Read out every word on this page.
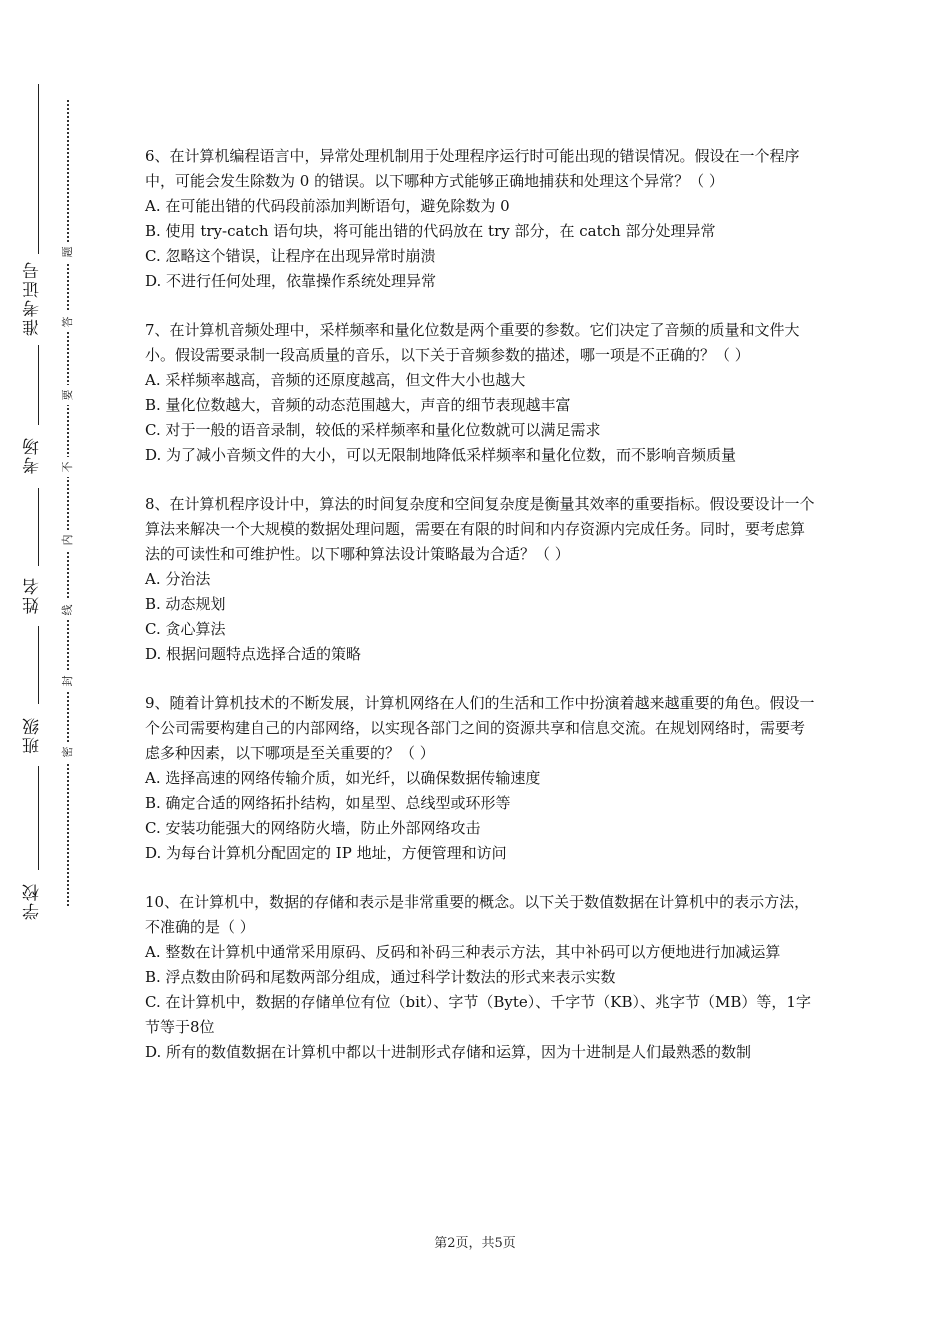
准考证号
考场
姓名
班级
学校
题
答
要
不
内
线
封
密

6、在计算机编程语言中，异常处理机制用于处理程序运行时可能出现的错误情况。假设在一个程序中，可能会发生除数为 0 的错误。以下哪种方式能够正确地捕获和处理这个异常？（ ）

A. 在可能出错的代码段前添加判断语句，避免除数为 0

B. 使用 try-catch 语句块，将可能出错的代码放在 try 部分，在 catch 部分处理异常

C. 忽略这个错误，让程序在出现异常时崩溃

D. 不进行任何处理，依靠操作系统处理异常

7、在计算机音频处理中，采样频率和量化位数是两个重要的参数。它们决定了音频的质量和文件大小。假设需要录制一段高质量的音乐，以下关于音频参数的描述，哪一项是不正确的？（ ）

A. 采样频率越高，音频的还原度越高，但文件大小也越大

B. 量化位数越大，音频的动态范围越大，声音的细节表现越丰富

C. 对于一般的语音录制，较低的采样频率和量化位数就可以满足需求

D. 为了减小音频文件的大小，可以无限制地降低采样频率和量化位数，而不影响音频质量

8、在计算机程序设计中，算法的时间复杂度和空间复杂度是衡量其效率的重要指标。假设要设计一个算法来解决一个大规模的数据处理问题，需要在有限的时间和内存资源内完成任务。同时，要考虑算法的可读性和可维护性。以下哪种算法设计策略最为合适？（ ）

A. 分治法

B. 动态规划

C. 贪心算法

D. 根据问题特点选择合适的策略

9、随着计算机技术的不断发展，计算机网络在人们的生活和工作中扮演着越来越重要的角色。假设一个公司需要构建自己的内部网络，以实现各部门之间的资源共享和信息交流。在规划网络时，需要考虑多种因素，以下哪项是至关重要的？（ ）

A. 选择高速的网络传输介质，如光纤，以确保数据传输速度

B. 确定合适的网络拓扑结构，如星型、总线型或环形等

C. 安装功能强大的网络防火墙，防止外部网络攻击

D. 为每台计算机分配固定的 IP 地址，方便管理和访问

10、在计算机中，数据的存储和表示是非常重要的概念。以下关于数值数据在计算机中的表示方法，不准确的是（ ）

A. 整数在计算机中通常采用原码、反码和补码三种表示方法，其中补码可以方便地进行加减运算

B. 浮点数由阶码和尾数两部分组成，通过科学计数法的形式来表示实数

C. 在计算机中，数据的存储单位有位（bit）、字节（Byte）、千字节（KB）、兆字节（MB）等，1字节等于8位

D. 所有的数值数据在计算机中都以十进制形式存储和运算，因为十进制是人们最熟悉的数制

第2页，共5页
